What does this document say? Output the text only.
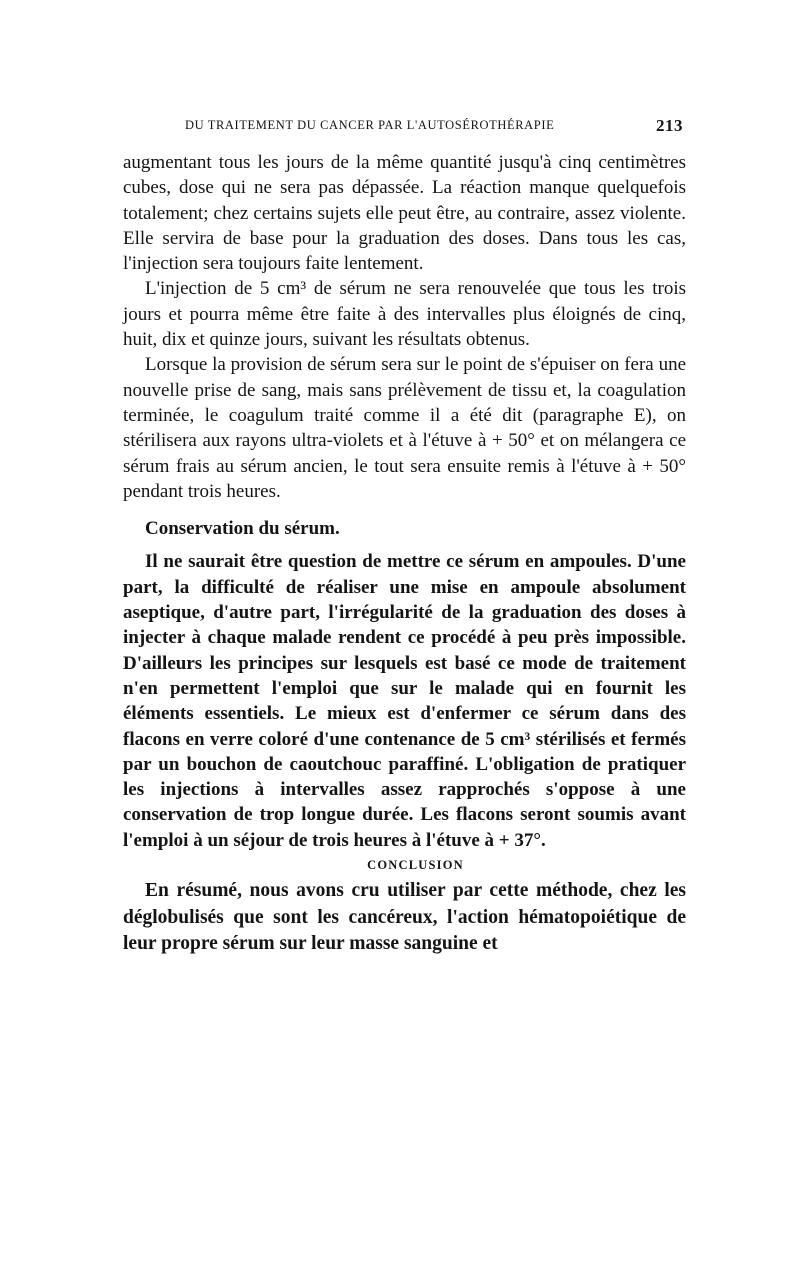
DU TRAITEMENT DU CANCER PAR L'AUTOSÉROTHÉRAPIE	213

augmentant tous les jours de la même quantité jusqu'à cinq centimètres cubes, dose qui ne sera pas dépassée. La réaction manque quelquefois totalement; chez certains sujets elle peut être, au contraire, assez violente. Elle servira de base pour la graduation des doses. Dans tous les cas, l'injection sera toujours faite lentement.

L'injection de 5 cm³ de sérum ne sera renouvelée que tous les trois jours et pourra même être faite à des intervalles plus éloignés de cinq, huit, dix et quinze jours, suivant les résultats obtenus.

Lorsque la provision de sérum sera sur le point de s'épuiser on fera une nouvelle prise de sang, mais sans prélèvement de tissu et, la coagulation terminée, le coagulum traité comme il a été dit (paragraphe E), on stérilisera aux rayons ultra-violets et à l'étuve à + 50° et on mélangera ce sérum frais au sérum ancien, le tout sera ensuite remis à l'étuve à + 50° pendant trois heures.

Conservation du sérum.

Il ne saurait être question de mettre ce sérum en ampoules. D'une part, la difficulté de réaliser une mise en ampoule absolument aseptique, d'autre part, l'irrégularité de la graduation des doses à injecter à chaque malade rendent ce procédé à peu près impossible. D'ailleurs les principes sur lesquels est basé ce mode de traitement n'en permettent l'emploi que sur le malade qui en fournit les éléments essentiels. Le mieux est d'enfermer ce sérum dans des flacons en verre coloré d'une contenance de 5 cm³ stérilisés et fermés par un bouchon de caoutchouc paraffiné. L'obligation de pratiquer les injections à intervalles assez rapprochés s'oppose à une conservation de trop longue durée. Les flacons seront soumis avant l'emploi à un séjour de trois heures à l'étuve à + 37°.

CONCLUSION

En résumé, nous avons cru utiliser par cette méthode, chez les déglobulisés que sont les cancéreux, l'action hématopoiétique de leur propre sérum sur leur masse sanguine et
